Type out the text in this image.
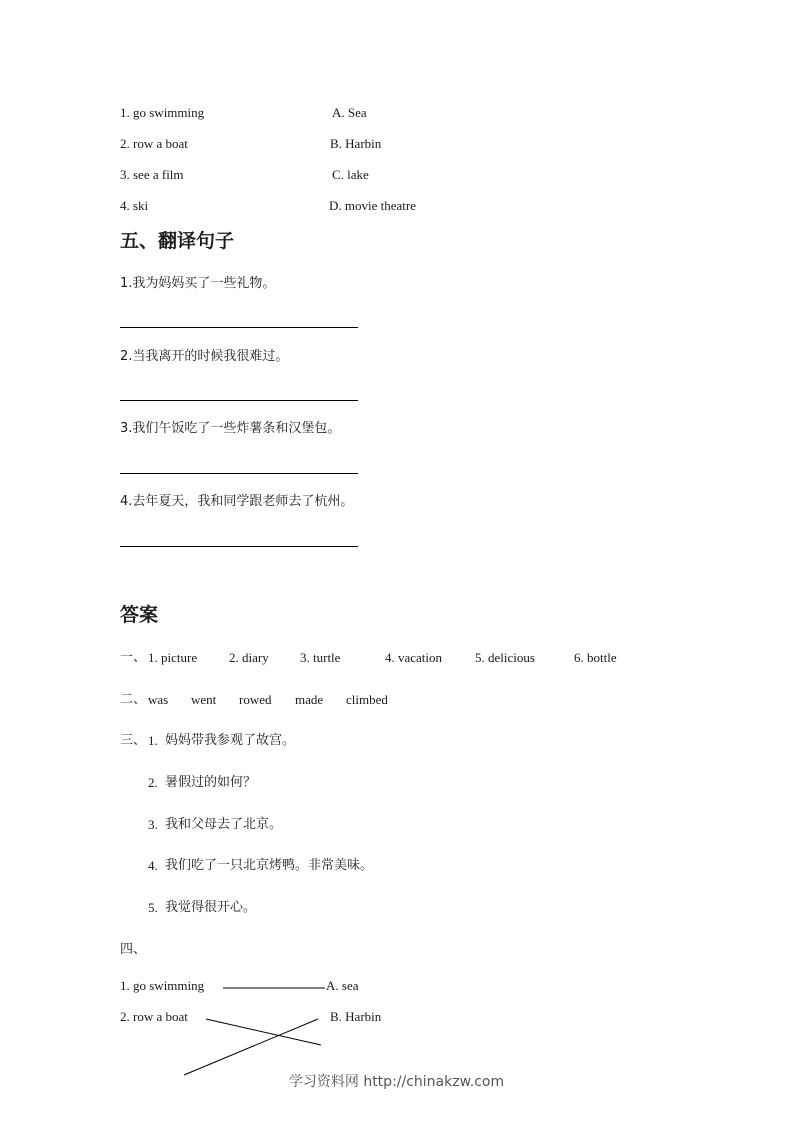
1. go swimming	A. Sea
2. row a boat	B. Harbin
3. see a film	C. lake
4. ski	D. movie theatre
五、翻译句子
1.我为妈妈买了一些礼物。
2.当我离开的时候我很难过。
3.我们午饭吃了一些炸薯条和汉堡包。
4.去年夏天，我和同学跟老师去了杭州。
答案
一、 1. picture 2. diary 3. turtle	4. vacation	5. delicious	6. bottle
二、 was went rowed made climbed
三、 1. 妈妈带我参观了故宫。
2. 暑假过的如何？
3. 我和父母去了北京。
4. 我们吃了一只北京烤鸭。非常美味。
5. 我觉得很开心。
四、
1. go swimming	A. sea
2. row a boat	B. Harbin
学习资料网 http://chinakzw.com
